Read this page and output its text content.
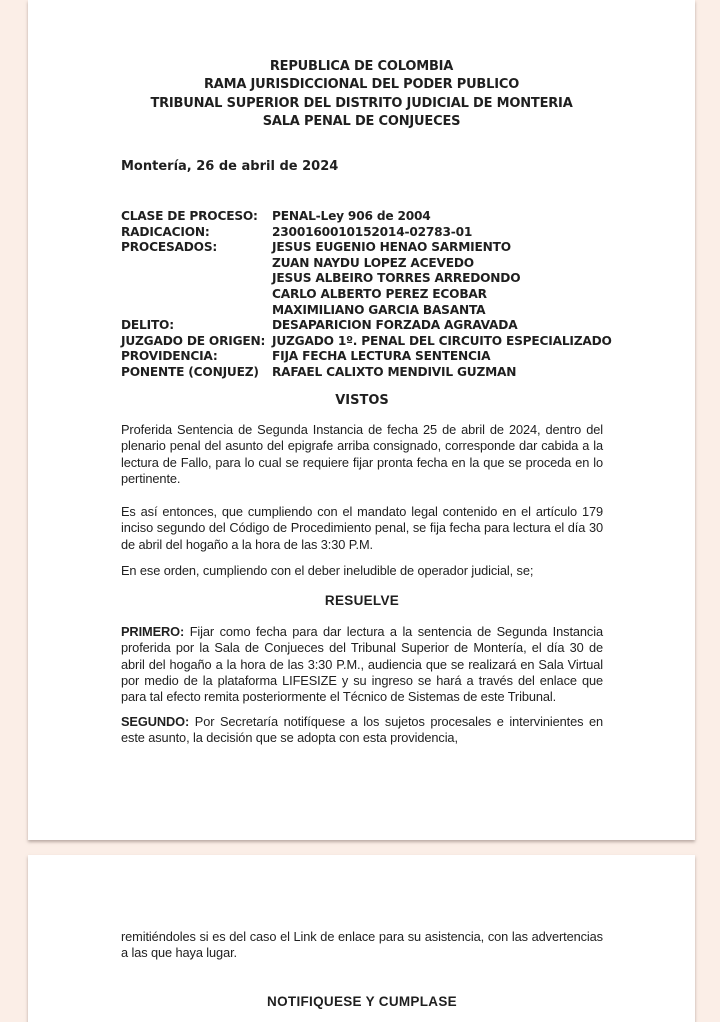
REPUBLICA DE COLOMBIA
RAMA JURISDICCIONAL DEL PODER PUBLICO
TRIBUNAL SUPERIOR DEL DISTRITO JUDICIAL DE MONTERIA
SALA PENAL DE CONJUECES
Montería, 26 de abril de 2024
CLASE DE PROCESO:	PENAL-Ley 906 de 2004
RADICACION:	2300160010152014-02783-01
PROCESADOS:	JESUS EUGENIO HENAO SARMIENTO
ZUAN NAYDU LOPEZ ACEVEDO
JESUS ALBEIRO TORRES ARREDONDO
CARLO ALBERTO PEREZ ECOBAR
MAXIMILIANO GARCIA BASANTA
DELITO:	DESAPARICION FORZADA AGRAVADA
JUZGADO DE ORIGEN: JUZGADO 1º. PENAL DEL CIRCUITO ESPECIALIZADO
PROVIDENCIA:	FIJA FECHA LECTURA SENTENCIA
PONENTE (CONJUEZ)	RAFAEL CALIXTO MENDIVIL GUZMAN
VISTOS

Proferida Sentencia de Segunda Instancia de fecha 25 de abril de 2024, dentro del plenario penal del asunto del epigrafe arriba consignado, corresponde dar cabida a la lectura de Fallo, para lo cual se requiere fijar pronta fecha en la que se proceda en lo pertinente.

Es así entonces, que cumpliendo con el mandato legal contenido en el artículo 179 inciso segundo del Código de Procedimiento penal, se fija fecha para lectura el día 30 de abril del hogaño a la hora de las 3:30 P.M.

En ese orden, cumpliendo con el deber ineludible de operador judicial, se;

RESUELVE

PRIMERO: Fijar como fecha para dar lectura a la sentencia de Segunda Instancia proferida por la Sala de Conjueces del Tribunal Superior de Montería, el día 30 de abril del hogaño a la hora de las 3:30 P.M., audiencia que se realizará en Sala Virtual por medio de la plataforma LIFESIZE y su ingreso se hará a través del enlace que para tal efecto remita posteriormente el Técnico de Sistemas de este Tribunal.

SEGUNDO: Por Secretaría notifíquese a los sujetos procesales e intervinientes en este asunto, la decisión que se adopta con esta providencia,

remitiéndoles si es del caso el Link de enlace para su asistencia, con las advertencias a las que haya lugar.

NOTIFIQUESE Y CUMPLASE
